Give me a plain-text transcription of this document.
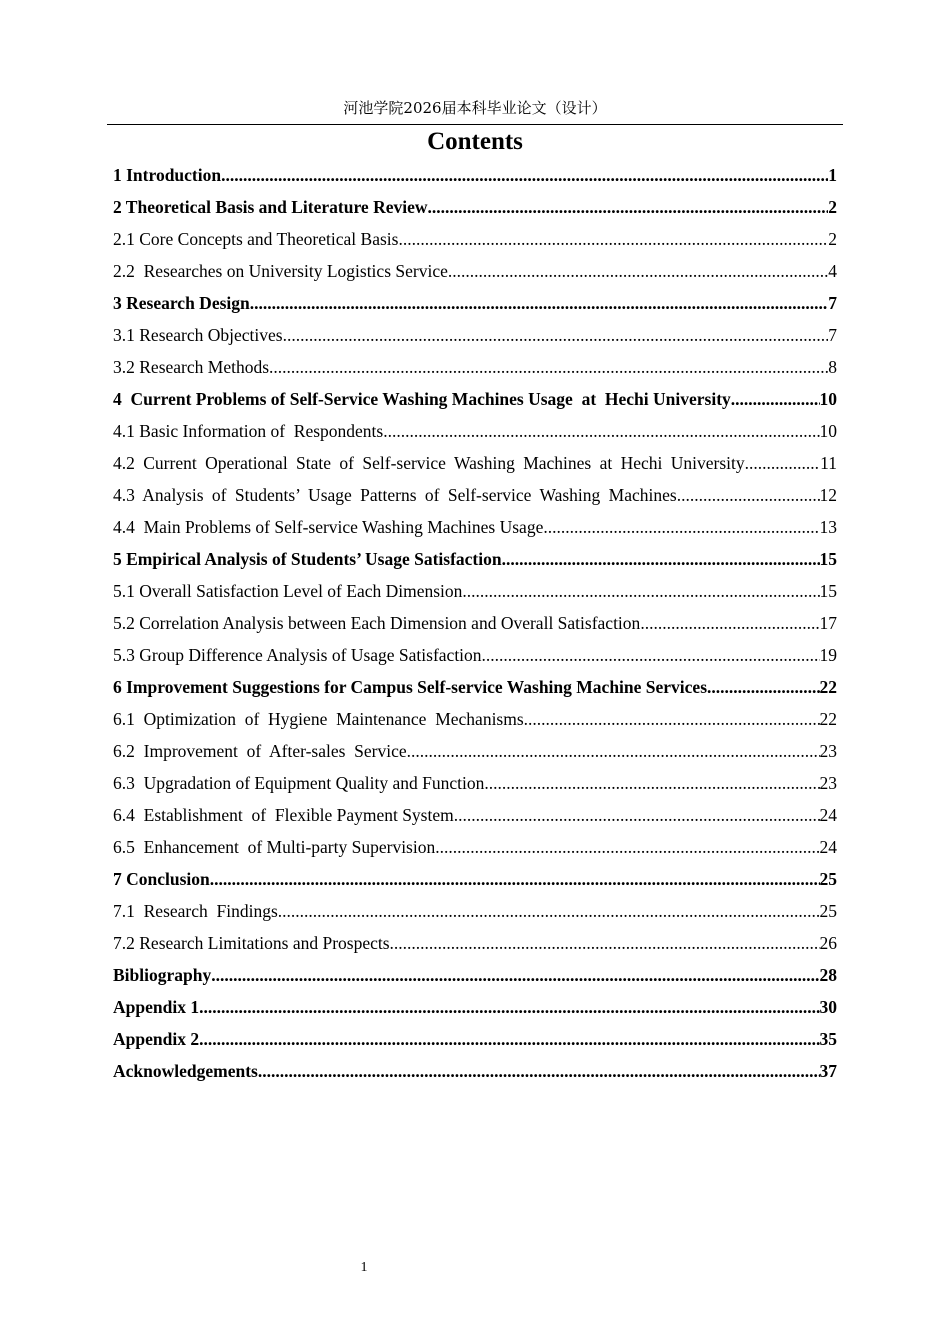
河池学院2026届本科毕业论文（设计）
Contents
1 Introduction .....	1
2 Theoretical Basis and Literature Review .....	2
2.1 Core Concepts and Theoretical Basis .....	2
2.2  Researches on University Logistics Service .....	4
3 Research Design .....	7
3.1 Research Objectives .....	7
3.2 Research Methods .....	8
4  Current Problems of Self-Service Washing Machines Usage  at  Hechi University .....	10
4.1 Basic Information of  Respondents .....	10
4.2 Current Operational State of Self-service Washing Machines at Hechi University .....	11
4.3 Analysis of Students’ Usage Patterns of Self-service Washing Machines .....	12
4.4  Main Problems of Self-service Washing Machines Usage .....	13
5 Empirical Analysis of Students’ Usage Satisfaction .....	15
5.1 Overall Satisfaction Level of Each Dimension .....	15
5.2 Correlation Analysis between Each Dimension and Overall Satisfaction .....	17
5.3 Group Difference Analysis of Usage Satisfaction .....	19
6 Improvement Suggestions for Campus Self-service Washing Machine Services .....	22
6.1  Optimization  of  Hygiene  Maintenance  Mechanisms .....	22
6.2  Improvement  of  After-sales  Service .....	23
6.3  Upgradation of Equipment Quality and Function .....	23
6.4  Establishment  of  Flexible Payment System .....	24
6.5  Enhancement  of Multi-party Supervision .....	24
7 Conclusion .....	25
7.1  Research  Findings .....	25
7.2 Research Limitations and Prospects .....	26
Bibliography .....	28
Appendix 1 .....	30
Appendix 2 .....	35
Acknowledgements .....	37
1
